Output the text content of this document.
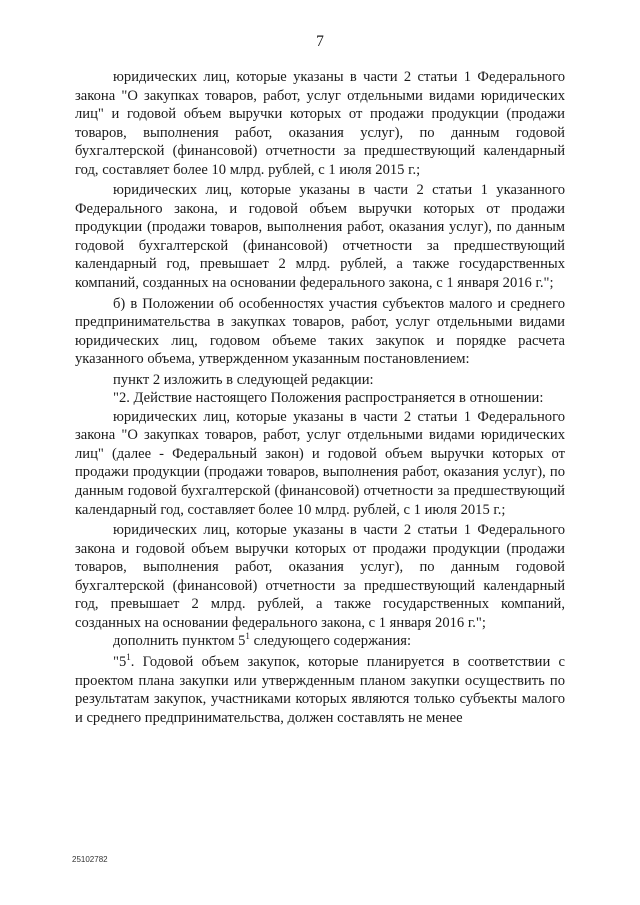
7

юридических лиц, которые указаны в части 2 статьи 1 Федерального закона "О закупках товаров, работ, услуг отдельными видами юридических лиц" и годовой объем выручки которых от продажи продукции (продажи товаров, выполнения работ, оказания услуг), по данным годовой бухгалтерской (финансовой) отчетности за предшествующий календарный год, составляет более 10 млрд. рублей, с 1 июля 2015 г.;

юридических лиц, которые указаны в части 2 статьи 1 указанного Федерального закона, и годовой объем выручки которых от продажи продукции (продажи товаров, выполнения работ, оказания услуг), по данным годовой бухгалтерской (финансовой) отчетности за предшествующий календарный год, превышает 2 млрд. рублей, а также государственных компаний, созданных на основании федерального закона, с 1 января 2016 г.";

б) в Положении об особенностях участия субъектов малого и среднего предпринимательства в закупках товаров, работ, услуг отдельными видами юридических лиц, годовом объеме таких закупок и порядке расчета указанного объема, утвержденном указанным постановлением:

пункт 2 изложить в следующей редакции:

"2. Действие настоящего Положения распространяется в отношении:

юридических лиц, которые указаны в части 2 статьи 1 Федерального закона "О закупках товаров, работ, услуг отдельными видами юридических лиц" (далее - Федеральный закон) и годовой объем выручки которых от продажи продукции (продажи товаров, выполнения работ, оказания услуг), по данным годовой бухгалтерской (финансовой) отчетности за предшествующий календарный год, составляет более 10 млрд. рублей, с 1 июля 2015 г.;

юридических лиц, которые указаны в части 2 статьи 1 Федерального закона и годовой объем выручки которых от продажи продукции (продажи товаров, выполнения работ, оказания услуг), по данным годовой бухгалтерской (финансовой) отчетности за предшествующий календарный год, превышает 2 млрд. рублей, а также государственных компаний, созданных на основании федерального закона, с 1 января 2016 г.";

дополнить пунктом $5^1$ следующего содержания:

"$5^1$. Годовой объем закупок, которые планируется в соответствии с проектом плана закупки или утвержденным планом закупки осуществить по результатам закупок, участниками которых являются только субъекты малого и среднего предпринимательства, должен составлять не менее

25102782
